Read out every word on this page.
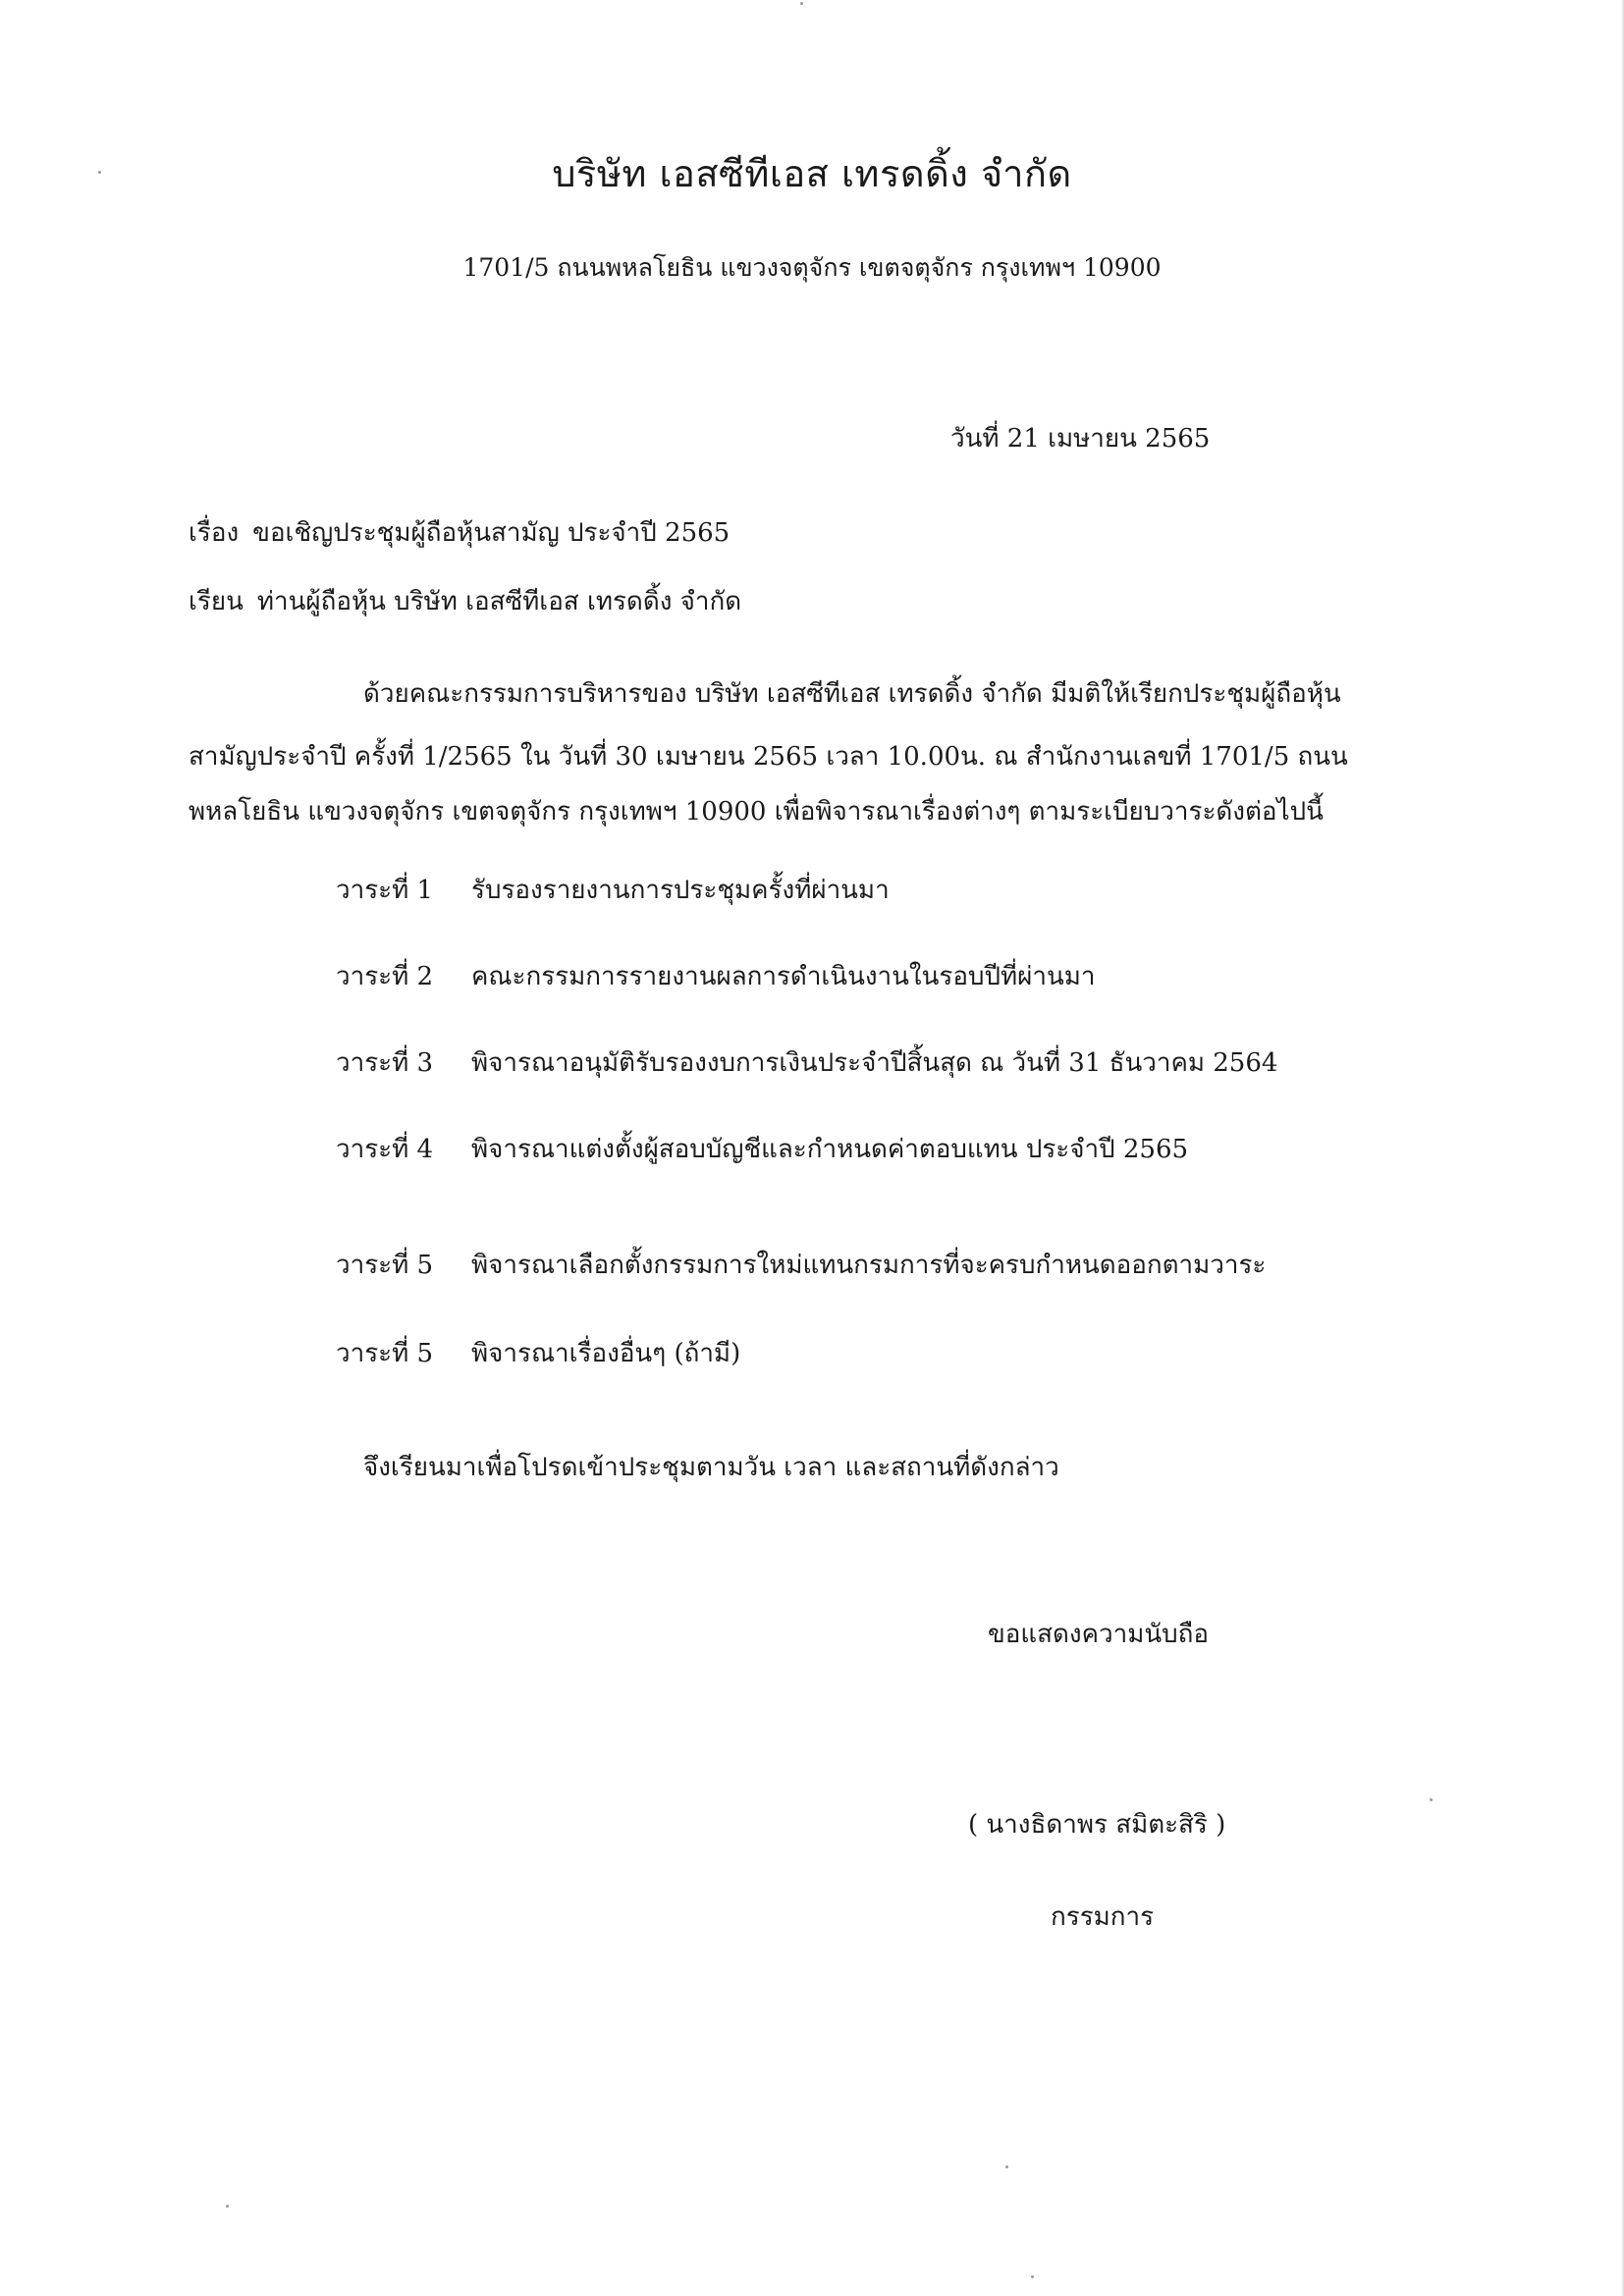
บริษัท เอสซีทีเอส เทรดดิ้ง จำกัด
1701/5 ถนนพหลโยธิน แขวงจตุจักร เขตจตุจักร กรุงเทพฯ 10900
วันที่ 21 เมษายน 2565
เรื่อง ขอเชิญประชุมผู้ถือหุ้นสามัญ ประจำปี 2565
เรียน ท่านผู้ถือหุ้น บริษัท เอสซีทีเอส เทรดดิ้ง จำกัด
ด้วยคณะกรรมการบริหารของ บริษัท เอสซีทีเอส เทรดดิ้ง จำกัด มีมติให้เรียกประชุมผู้ถือหุ้น
สามัญประจำปี ครั้งที่ 1/2565 ใน วันที่ 30 เมษายน 2565 เวลา 10.00น. ณ สำนักงานเลขที่ 1701/5 ถนน
พหลโยธิน แขวงจตุจักร เขตจตุจักร กรุงเทพฯ 10900 เพื่อพิจารณาเรื่องต่างๆ ตามระเบียบวาระดังต่อไปนี้
วาระที่ 1 รับรองรายงานการประชุมครั้งที่ผ่านมา
วาระที่ 2 คณะกรรมการรายงานผลการดำเนินงานในรอบปีที่ผ่านมา
วาระที่ 3 พิจารณาอนุมัติรับรองงบการเงินประจำปีสิ้นสุด ณ วันที่ 31 ธันวาคม 2564
วาระที่ 4 พิจารณาแต่งตั้งผู้สอบบัญชีและกำหนดค่าตอบแทน ประจำปี 2565
วาระที่ 5 พิจารณาเลือกตั้งกรรมการใหม่แทนกรมการที่จะครบกำหนดออกตามวาระ
วาระที่ 5 พิจารณาเรื่องอื่นๆ (ถ้ามี)
จึงเรียนมาเพื่อโปรดเข้าประชุมตามวัน เวลา และสถานที่ดังกล่าว
ขอแสดงความนับถือ
( นางธิดาพร สมิตะสิริ )
กรรมการ
